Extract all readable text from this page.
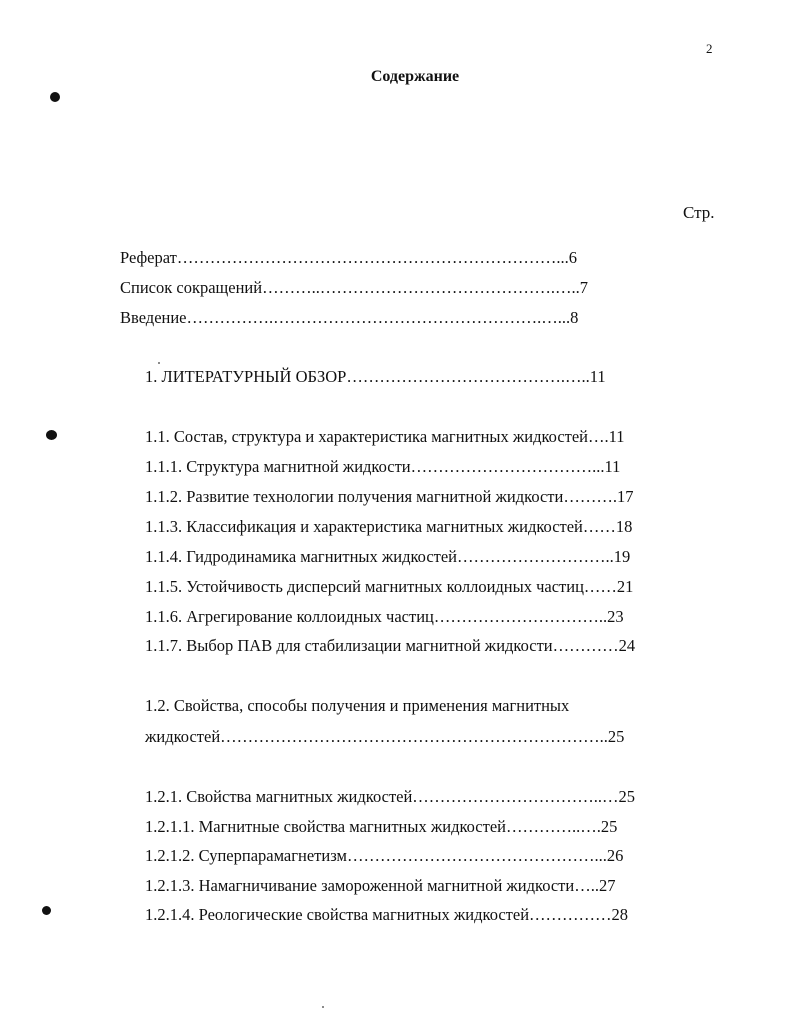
2
Содержание
Стр.
Реферат……………………………………………………………...6
Список сокращений………..…………………………………….…..7
Введение…………….………………………………………….…...8
1. ЛИТЕРАТУРНЫЙ ОБЗОР………………………………….…..11
1.1. Состав, структура и характеристика магнитных жидкостей….11
1.1.1. Структура магнитной жидкости……………………………...11
1.1.2. Развитие технологии получения магнитной жидкости……….17
1.1.3. Классификация и характеристика магнитных жидкостей……18
1.1.4. Гидродинамика магнитных жидкостей………………………..19
1.1.5. Устойчивость дисперсий магнитных коллоидных частиц……21
1.1.6. Агрегирование коллоидных частиц…………………………..23
1.1.7. Выбор ПАВ для стабилизации магнитной жидкости…………24
1.2. Свойства, способы получения и применения магнитных
жидкостей……………………………………………………………..25
1.2.1. Свойства магнитных жидкостей……………………………..…25
1.2.1.1. Магнитные свойства магнитных жидкостей…………..….25
1.2.1.2. Суперпарамагнетизм………………………………………...26
1.2.1.3. Намагничивание замороженной магнитной жидкости…..27
1.2.1.4. Реологические свойства магнитных жидкостей……………28
